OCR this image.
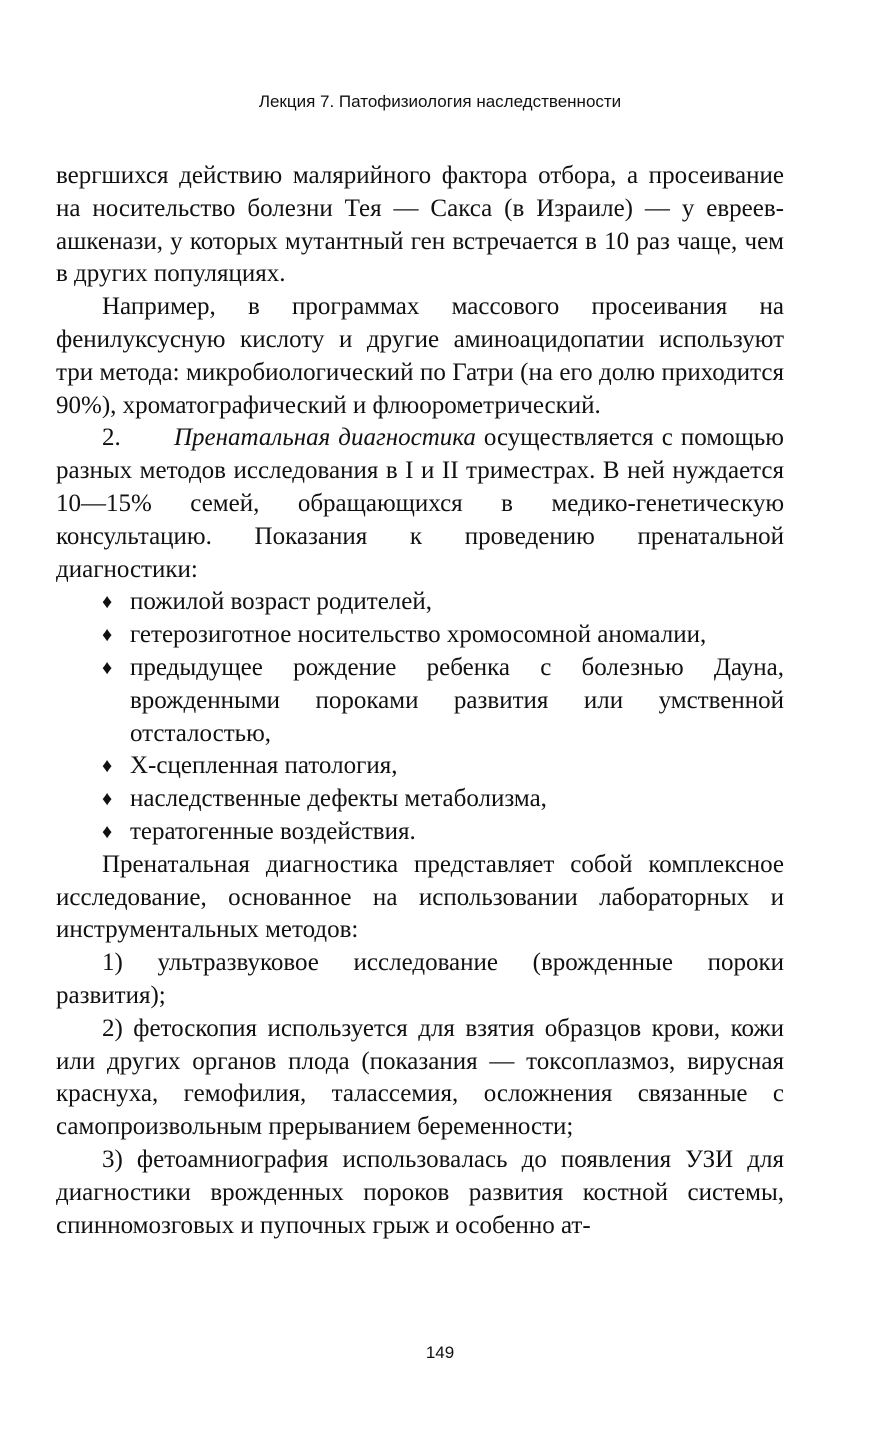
Лекция 7. Патофизиология наследственности

вергшихся действию малярийного фактора отбора, а просеивание на носительство болезни Тея — Сакса (в Израиле) — у евреев-ашкенази, у которых мутантный ген встречается в 10 раз чаще, чем в других популяциях.

Например, в программах массового просеивания на фенилуксусную кислоту и другие аминоацидопатии используют три метода: микробиологический по Гатри (на его долю приходится 90%), хроматографический и флюорометрический.

2. Пренатальная диагностика осуществляется с помощью разных методов исследования в I и II триместрах. В ней нуждается 10—15% семей, обращающихся в медико-генетическую консультацию. Показания к проведению пренатальной диагностики:

♦ пожилой возраст родителей,
♦ гетерозиготное носительство хромосомной аномалии,
♦ предыдущее рождение ребенка с болезнью Дауна, врожденными пороками развития или умственной отсталостью,
♦ Х-сцепленная патология,
♦ наследственные дефекты метаболизма,
♦ тератогенные воздействия.

Пренатальная диагностика представляет собой комплексное исследование, основанное на использовании лабораторных и инструментальных методов:

1) ультразвуковое исследование (врожденные пороки развития);

2) фетоскопия используется для взятия образцов крови, кожи или других органов плода (показания — токсоплазмоз, вирусная краснуха, гемофилия, талассемия, осложнения связанные с самопроизвольным прерыванием беременности;

3) фетоамниография использовалась до появления УЗИ для диагностики врожденных пороков развития костной системы, спинномозговых и пупочных грыж и особенно ат-

149
